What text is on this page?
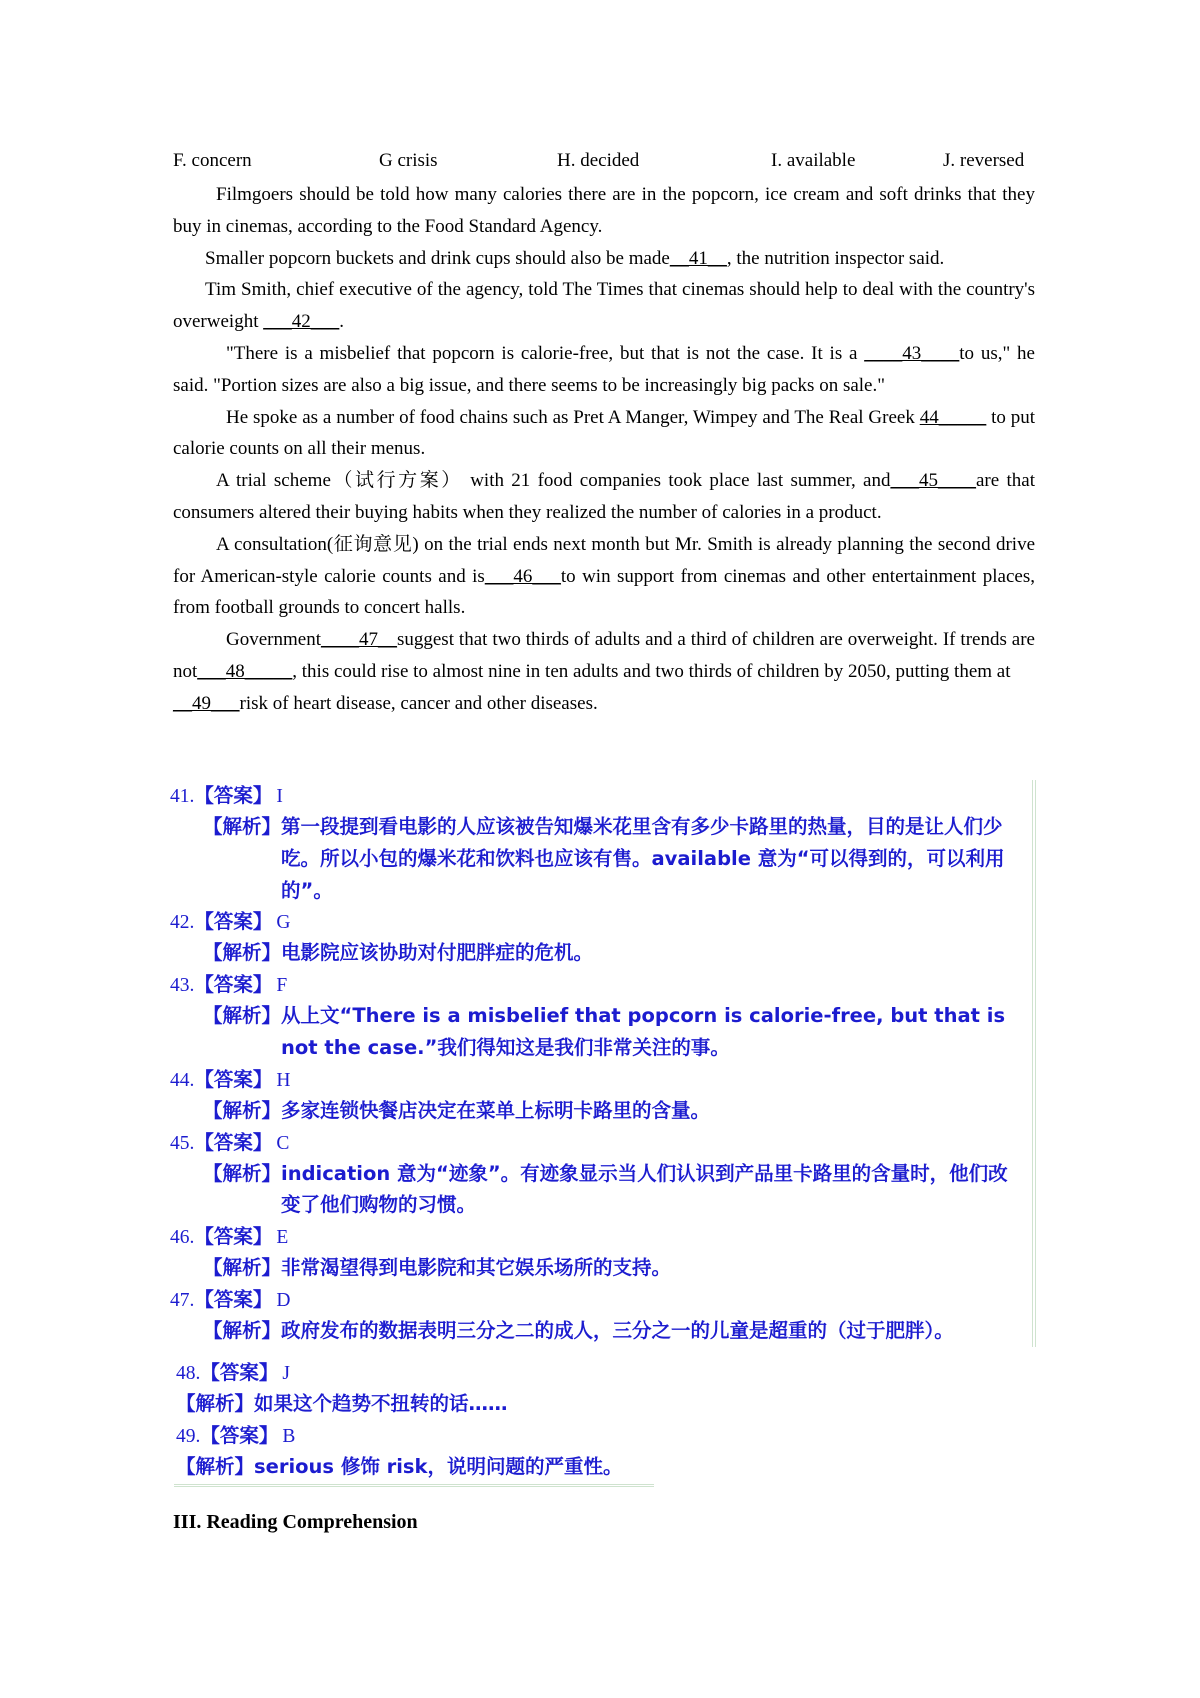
F. concern	G crisis	H. decided	I. available	J. reversed

Filmgoers should be told how many calories there are in the popcorn, ice cream and soft drinks that they buy in cinemas, according to the Food Standard Agency.

Smaller popcorn buckets and drink cups should also be made__41__, the nutrition inspector said.

Tim Smith, chief executive of the agency, told The Times that cinemas should help to deal with the country's overweight ___42___.

"There is a misbelief that popcorn is calorie-free, but that is not the case. It is a ____43____to us," he said. "Portion sizes are also a big issue, and there seems to be increasingly big packs on sale."

He spoke as a number of food chains such as Pret A Manger, Wimpey and The Real Greek 44_____ to put calorie counts on all their menus.

A trial scheme（试行方案） with 21 food companies took place last summer, and___45____are that consumers altered their buying habits when they realized the number of calories in a product.

A consultation(征询意见) on the trial ends next month but Mr. Smith is already planning the second drive for American-style calorie counts and is___46___to win support from cinemas and other entertainment places, from football grounds to concert halls.

Government____47__suggest that two thirds of adults and a third of children are overweight. If trends are not___48_____, this could rise to almost nine in ten adults and two thirds of children by 2050, putting them at

__49___risk of heart disease, cancer and other diseases.

41.【答案】 I
【解析】 第一段提到看电影的人应该被告知爆米花里含有多少卡路里的热量，目的是让人们少吃。所以小包的爆米花和饮料也应该有售。available 意为“可以得到的，可以利用的”。
42.【答案】 G
【解析】 电影院应该协助对付肥胖症的危机。
43.【答案】 F
【解析】 从上文“There is a misbelief that popcorn is calorie-free, but that is not the case.”我们得知这是我们非常关注的事。
44.【答案】 H
【解析】 多家连锁快餐店决定在菜单上标明卡路里的含量。
45.【答案】 C
【解析】 indication 意为“迹象”。有迹象显示当人们认识到产品里卡路里的含量时，他们改变了他们购物的习惯。
46.【答案】 E
【解析】 非常渴望得到电影院和其它娱乐场所的支持。
47.【答案】 D
【解析】 政府发布的数据表明三分之二的成人，三分之一的儿童是超重的（过于肥胖）。
48.【答案】 J
【解析】 如果这个趋势不扭转的话……
49.【答案】 B
【解析】 serious 修饰 risk，说明问题的严重性。
III. Reading Comprehension
